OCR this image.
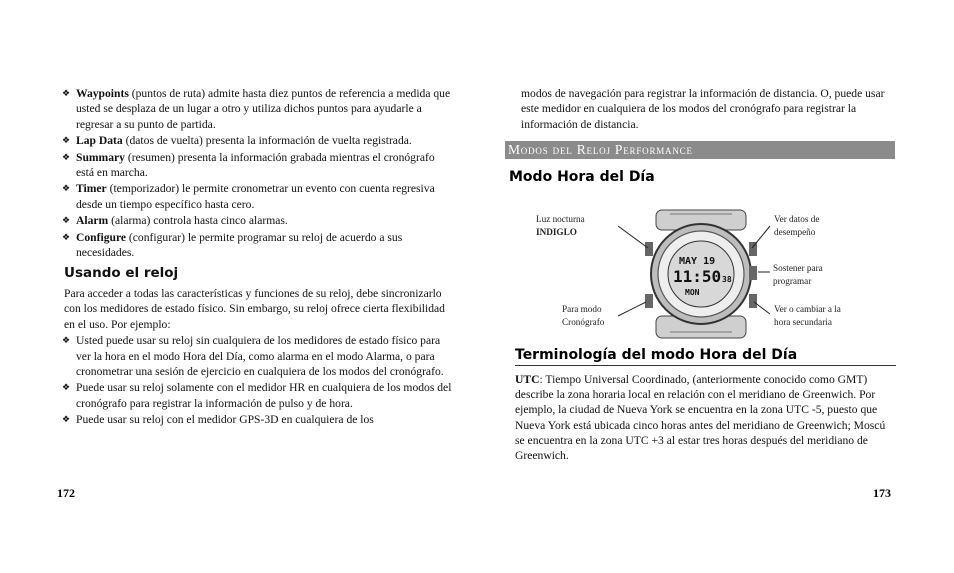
❖ Waypoints (puntos de ruta) admite hasta diez puntos de referencia a medida que usted se desplaza de un lugar a otro y utiliza dichos puntos para ayudarle a regresar a su punto de partida.
❖ Lap Data (datos de vuelta) presenta la información de vuelta registrada.
❖ Summary (resumen) presenta la información grabada mientras el cronógrafo está en marcha.
❖ Timer (temporizador) le permite cronometrar un evento con cuenta regresiva desde un tiempo específico hasta cero.
❖ Alarm (alarma) controla hasta cinco alarmas.
❖ Configure (configurar) le permite programar su reloj de acuerdo a sus necesidades.
Usando el reloj
Para acceder a todas las características y funciones de su reloj, debe sincronizarlo con los medidores de estado físico. Sin embargo, su reloj ofrece cierta flexibilidad en el uso. Por ejemplo:
❖ Usted puede usar su reloj sin cualquiera de los medidores de estado físico para ver la hora en el modo Hora del Día, como alarma en el modo Alarma, o para cronometrar una sesión de ejercicio en cualquiera de los modos del cronógrafo.
❖ Puede usar su reloj solamente con el medidor HR en cualquiera de los modos del cronógrafo para registrar la información de pulso y de hora.
❖ Puede usar su reloj con el medidor GPS-3D en cualquiera de los
172
modos de navegación para registrar la información de distancia. O, puede usar este medidor en cualquiera de los modos del cronógrafo para registrar la información de distancia.
Modos del Reloj Performance
Modo Hora del Día
MAY 19
11:50 38
MON
Luz nocturna
INDIGLO
Ver datos de
desempeño
Sostener para
programar
Para modo
Cronógrafo
Ver o cambiar a la
hora secundaria
Terminología del modo Hora del Día
UTC: Tiempo Universal Coordinado, (anteriormente conocido como GMT) describe la zona horaria local en relación con el meridiano de Greenwich. Por ejemplo, la ciudad de Nueva York se encuentra en la zona UTC -5, puesto que Nueva York está ubicada cinco horas antes del meridiano de Greenwich; Moscú se encuentra en la zona UTC +3 al estar tres horas después del meridiano de Greenwich.
173
